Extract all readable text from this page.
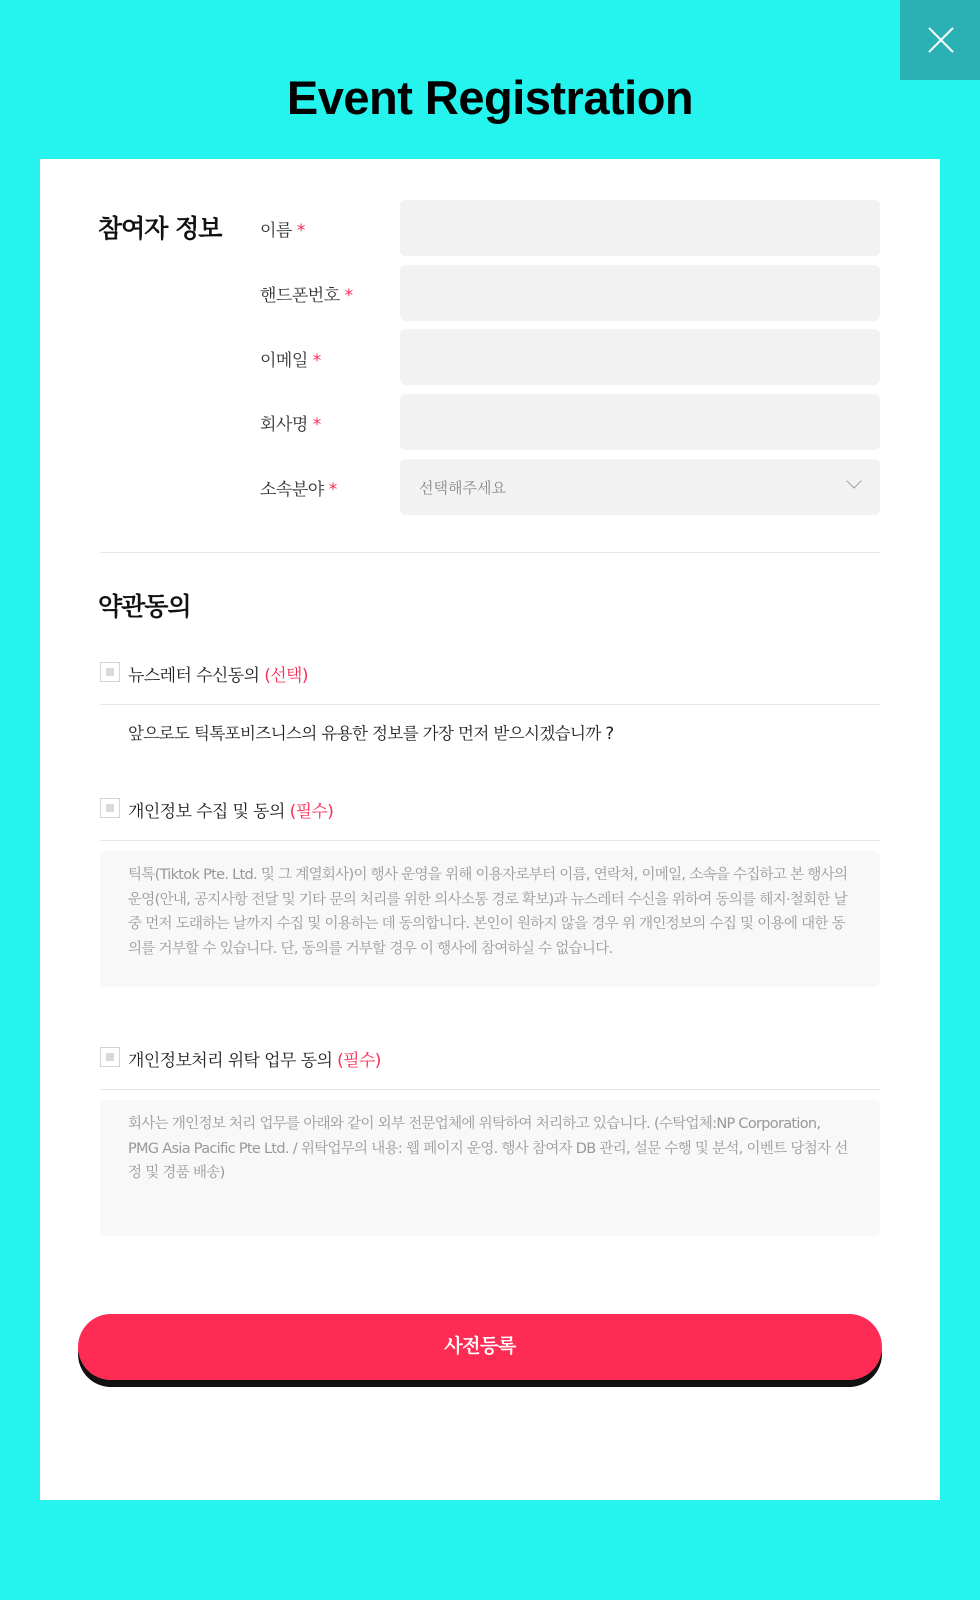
Event Registration
참여자 정보 이름 *
핸드폰번호 *
이메일 *
회사명 *
소속분야 *	선택해주세요
약관동의
뉴스레터 수신동의 (선택)
앞으로도 틱톡포비즈니스의 유용한 정보를 가장 먼저 받으시겠습니까 ?
개인정보 수집 및 동의 (필수)
틱톡(Tiktok Pte. Ltd. 및 그 계열회사)이 행사 운영을 위해 이용자로부터 이름, 연락처, 이메일, 소속을 수집하고 본 행사의 운영(안내, 공지사항 전달 및 기타 문의 처리를 위한 의사소통 경로 확보)과 뉴스레터 수신을 위하여 동의를 해지·철회한 날 중 먼저 도래하는 날까지 수집 및 이용하는 데 동의합니다. 본인이 원하지 않을 경우 위 개인정보의 수집 및 이용에 대한 동의를 거부할 수 있습니다. 단, 동의를 거부할 경우 이 행사에 참여하실 수 없습니다.
개인정보처리 위탁 업무 동의 (필수)
회사는 개인정보 처리 업무를 아래와 같이 외부 전문업체에 위탁하여 처리하고 있습니다. (수탁업체:NP Corporation, PMG Asia Pacific Pte Ltd. / 위탁업무의 내용: 웹 페이지 운영. 행사 참여자 DB 관리, 설문 수행 및 분석, 이벤트 당첨자 선정 및 경품 배송)
사전등록
